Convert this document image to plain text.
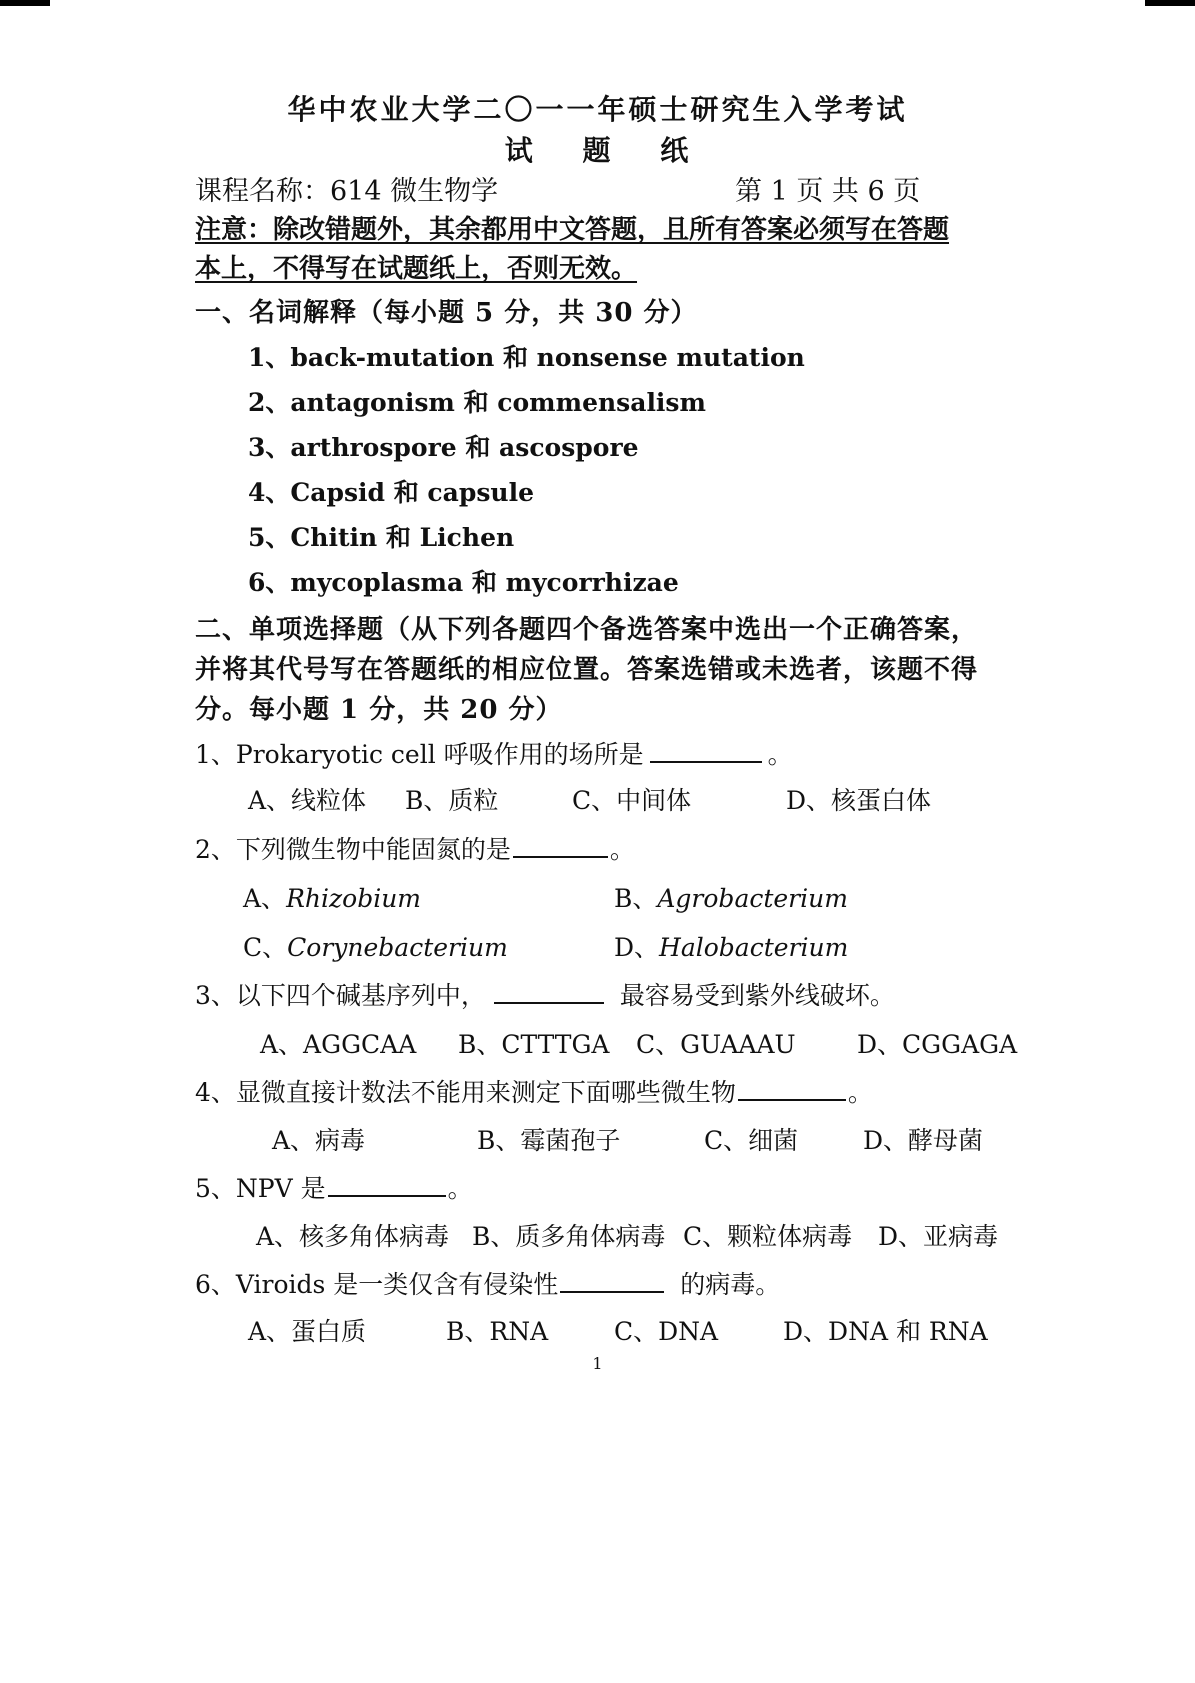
华中农业大学二〇一一年硕士研究生入学考试
试 题 纸
课程名称：614 微生物学	第 1 页 共 6 页
注意：除改错题外，其余都用中文答题，且所有答案必须写在答题
本上，不得写在试题纸上，否则无效。
一、名词解释（每小题 5 分，共 30 分）
1、back-mutation 和 nonsense mutation
2、antagonism 和 commensalism
3、arthrospore 和 ascospore
4、Capsid 和 capsule
5、Chitin 和 Lichen
6、mycoplasma 和 mycorrhizae
二、单项选择题（从下列各题四个备选答案中选出一个正确答案，
并将其代号写在答题纸的相应位置。答案选错或未选者，该题不得
分。每小题 1 分，共 20 分）
1、Prokaryotic cell 呼吸作用的场所是	。
A、线粒体 B、质粒	C、中间体	D、核蛋白体
2、下列微生物中能固氮的是	。
A、Rhizobium	B、Agrobacterium
C、Corynebacterium	D、Halobacterium
3、以下四个碱基序列中，	最容易受到紫外线破坏。
A、AGGCAA B、CTTTGA C、GUAAAU D、CGGAGA
4、显微直接计数法不能用来测定下面哪些微生物	。
A、病毒	B、霉菌孢子	C、细菌	D、酵母菌
5、NPV 是	。
A、核多角体病毒 B、质多角体病毒 C、颗粒体病毒 D、亚病毒
6、Viroids 是一类仅含有侵染性	的病毒。
A、蛋白质	B、RNA	C、DNA	D、DNA 和 RNA
1
